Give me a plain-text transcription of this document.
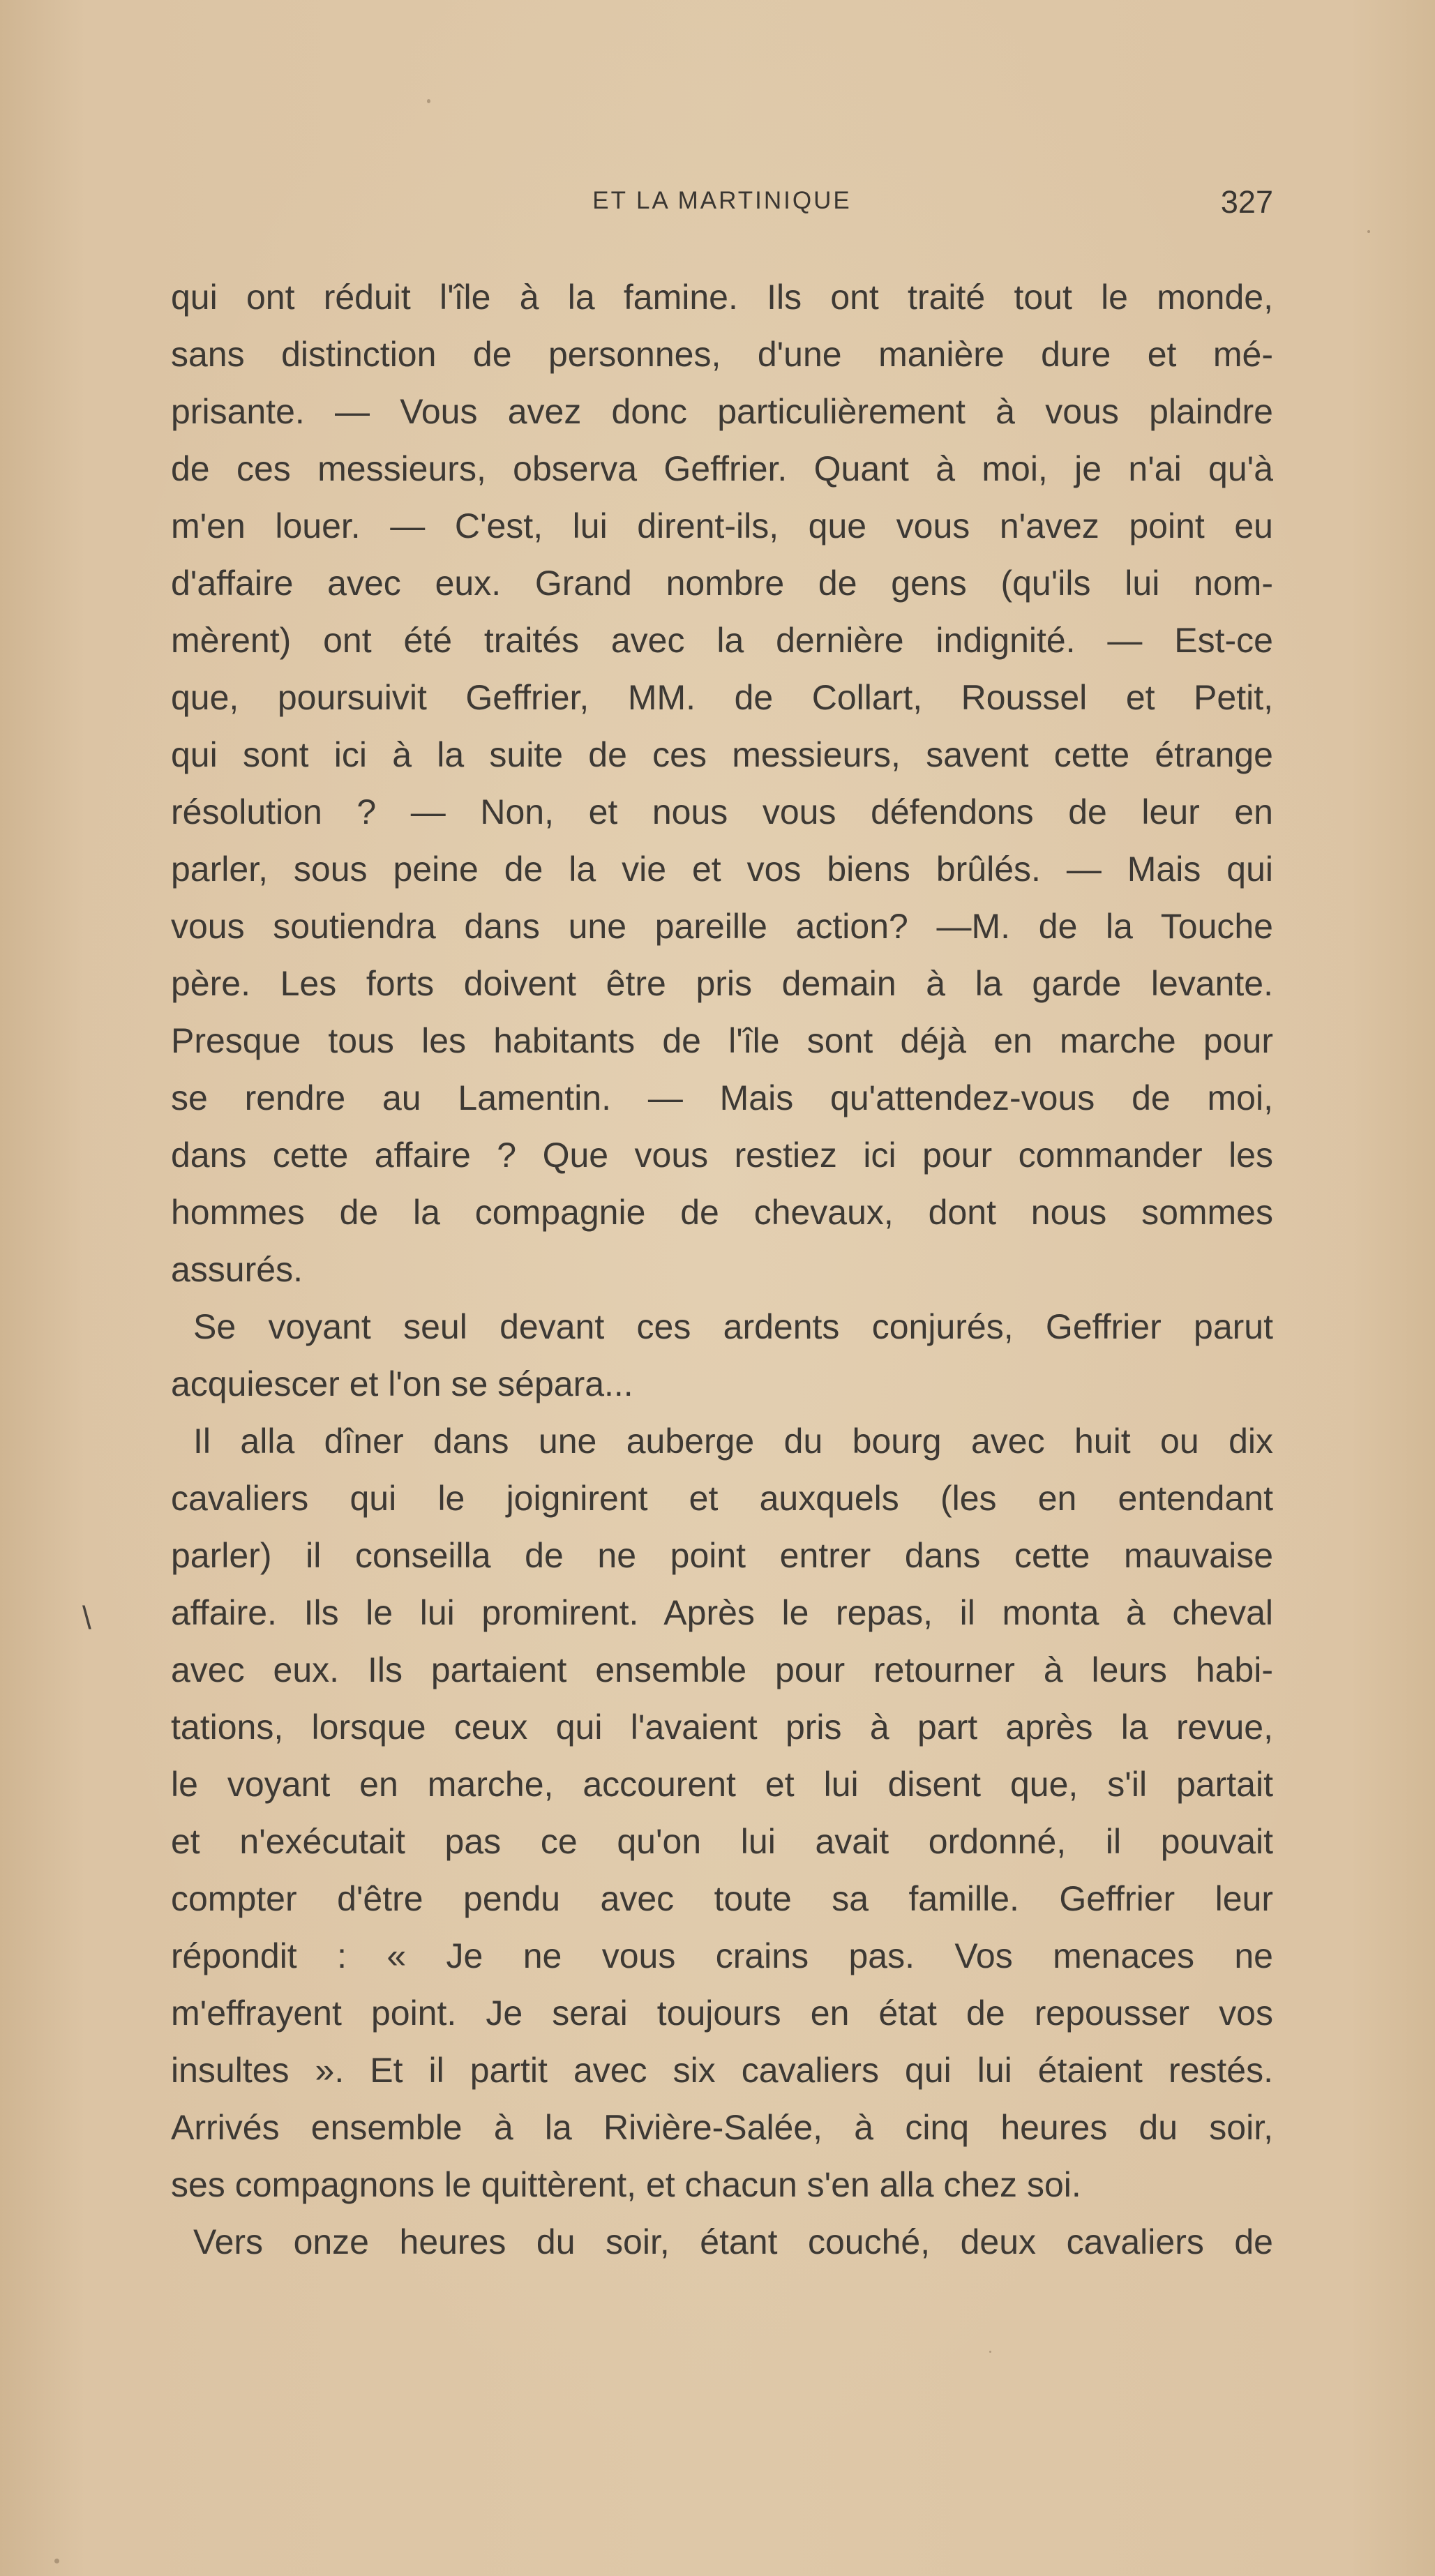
ET LA MARTINIQUE	327
\
qui ont réduit l'île à la famine. Ils ont traité tout le monde,
sans distinction de personnes, d'une manière dure et mé-
prisante. — Vous avez donc particulièrement à vous plaindre
de ces messieurs, observa Geffrier. Quant à moi, je n'ai qu'à
m'en louer. — C'est, lui dirent-ils, que vous n'avez point eu
d'affaire avec eux. Grand nombre de gens (qu'ils lui nom-
mèrent) ont été traités avec la dernière indignité. — Est-ce
que, poursuivit Geffrier, MM. de Collart, Roussel et Petit,
qui sont ici à la suite de ces messieurs, savent cette étrange
résolution ? — Non, et nous vous défendons de leur en
parler, sous peine de la vie et vos biens brûlés. — Mais qui
vous soutiendra dans une pareille action? —M. de la Touche
père. Les forts doivent être pris demain à la garde levante.
Presque tous les habitants de l'île sont déjà en marche pour
se rendre au Lamentin. — Mais qu'attendez-vous de moi,
dans cette affaire ? Que vous restiez ici pour commander les
hommes de la compagnie de chevaux, dont nous sommes
assurés.
Se voyant seul devant ces ardents conjurés, Geffrier parut
acquiescer et l'on se sépara...
Il alla dîner dans une auberge du bourg avec huit ou dix
cavaliers qui le joignirent et auxquels (les en entendant
parler) il conseilla de ne point entrer dans cette mauvaise
affaire. Ils le lui promirent. Après le repas, il monta à cheval
avec eux. Ils partaient ensemble pour retourner à leurs habi-
tations, lorsque ceux qui l'avaient pris à part après la revue,
le voyant en marche, accourent et lui disent que, s'il partait
et n'exécutait pas ce qu'on lui avait ordonné, il pouvait
compter d'être pendu avec toute sa famille. Geffrier leur
répondit : « Je ne vous crains pas. Vos menaces ne
m'effrayent point. Je serai toujours en état de repousser vos
insultes ». Et il partit avec six cavaliers qui lui étaient restés.
Arrivés ensemble à la Rivière-Salée, à cinq heures du soir,
ses compagnons le quittèrent, et chacun s'en alla chez soi.
Vers onze heures du soir, étant couché, deux cavaliers de
